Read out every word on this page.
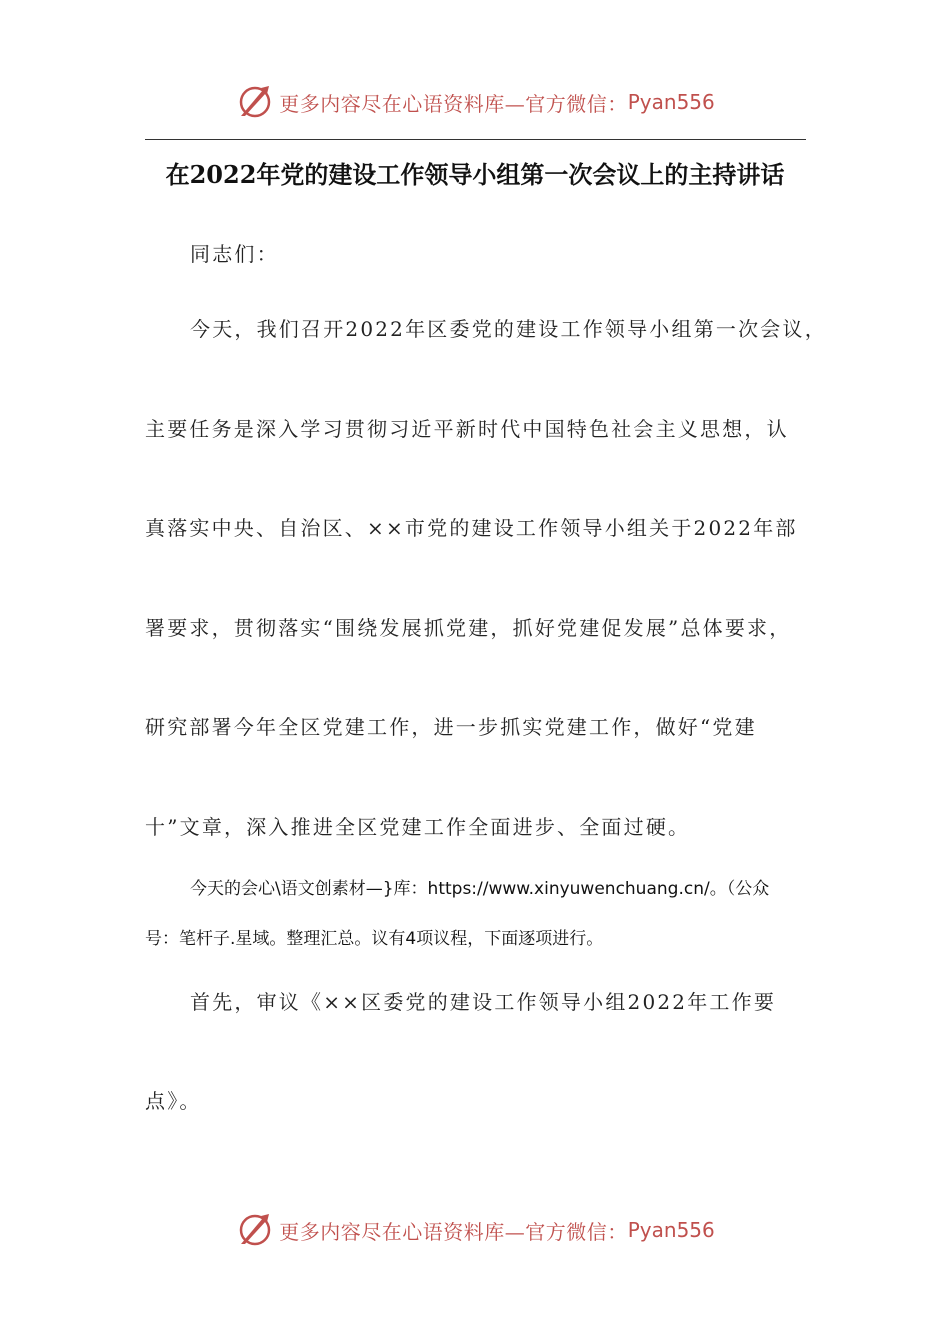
更多内容尽在心语资料库—官方微信： Pyan556
在2022年党的建设工作领导小组第一次会议上的主持讲话
同志们：
今天，我们召开2022年区委党的建设工作领导小组第一次会议，
主要任务是深入学习贯彻习近平新时代中国特色社会主义思想，认
真落实中央、自治区、××市党的建设工作领导小组关于2022年部
署要求，贯彻落实“围绕发展抓党建，抓好党建促发展”总体要求，
研究部署今年全区党建工作，进一步抓实党建工作，做好“党建
十”文章，深入推进全区党建工作全面进步、全面过硬。
今天的会心\语文创素材—}库：https://www.xinyuwenchuang.cn/。（公众
号：笔杆子.星域。整理汇总。议有4项议程，下面逐项进行。
首先，审议《××区委党的建设工作领导小组2022年工作要
点》。
更多内容尽在心语资料库—官方微信： Pyan556
